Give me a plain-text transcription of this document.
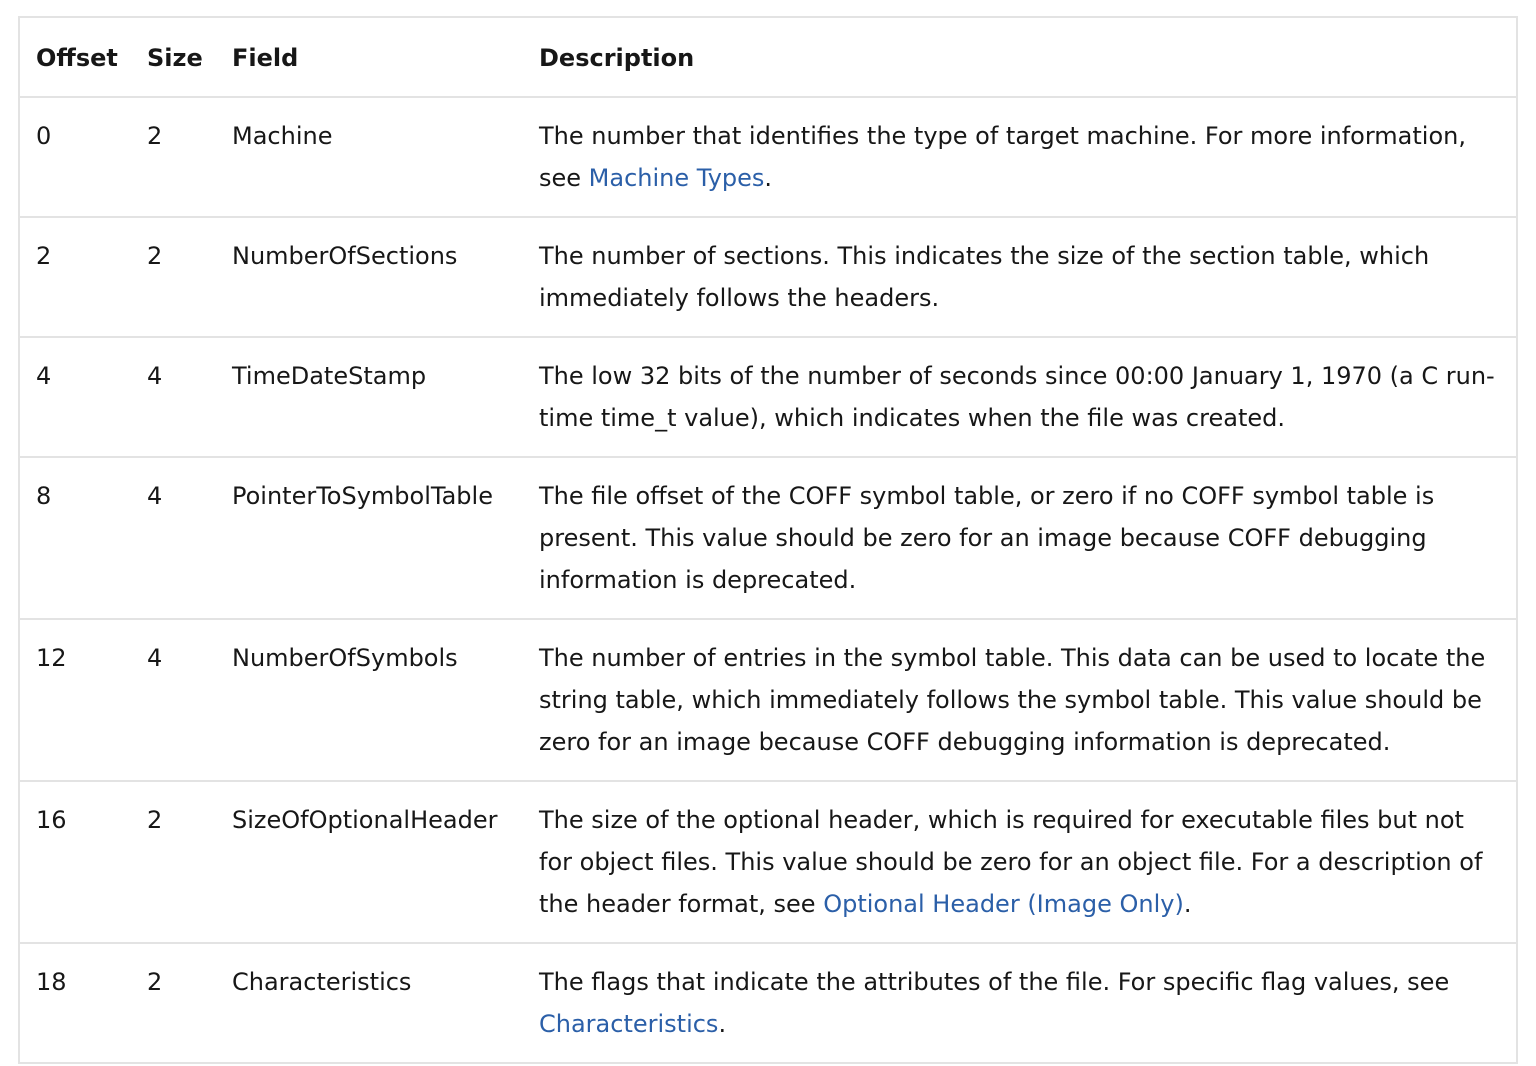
Offset	Size	Field	Description
0	2	Machine	The number that identifies the type of target machine. For more information, see Machine Types.
2	2	NumberOfSections	The number of sections. This indicates the size of the section table, which immediately follows the headers.
4	4	TimeDateStamp	The low 32 bits of the number of seconds since 00:00 January 1, 1970 (a C run-time time_t value), which indicates when the file was created.
8	4	PointerToSymbolTable	The file offset of the COFF symbol table, or zero if no COFF symbol table is present. This value should be zero for an image because COFF debugging information is deprecated.
12	4	NumberOfSymbols	The number of entries in the symbol table. This data can be used to locate the string table, which immediately follows the symbol table. This value should be zero for an image because COFF debugging information is deprecated.
16	2	SizeOfOptionalHeader	The size of the optional header, which is required for executable files but not for object files. This value should be zero for an object file. For a description of the header format, see Optional Header (Image Only).
18	2	Characteristics	The flags that indicate the attributes of the file. For specific flag values, see Characteristics.
